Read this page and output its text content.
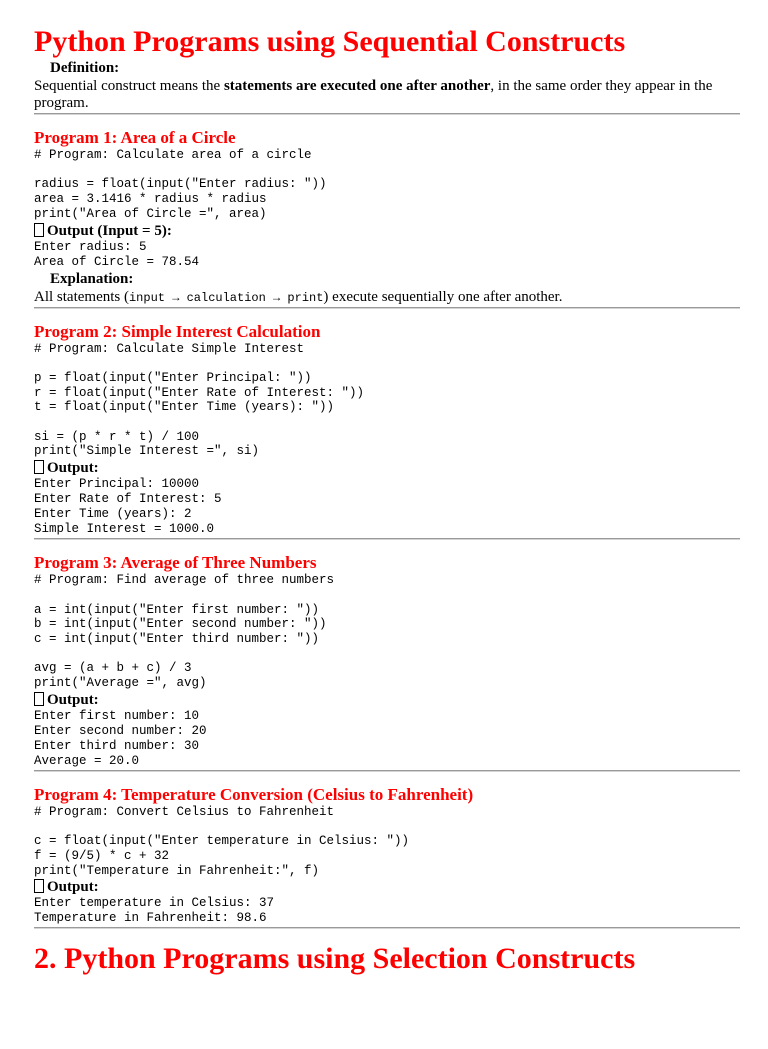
Python Programs using Sequential Constructs
Definition:

Sequential construct means the statements are executed one after another, in the same order they appear in the program.

Program 1: Area of a Circle
# Program: Calculate area of a circle

radius = float(input("Enter radius: "))
area = 3.1416 * radius * radius
print("Area of Circle =", area)
Output (Input = 5):
Enter radius: 5
Area of Circle = 78.54
Explanation:

All statements (input → calculation → print) execute sequentially one after another.

Program 2: Simple Interest Calculation
# Program: Calculate Simple Interest

p = float(input("Enter Principal: "))
r = float(input("Enter Rate of Interest: "))
t = float(input("Enter Time (years): "))

si = (p * r * t) / 100
print("Simple Interest =", si)
Output:
Enter Principal: 10000
Enter Rate of Interest: 5
Enter Time (years): 2
Simple Interest = 1000.0
Program 3: Average of Three Numbers
# Program: Find average of three numbers

a = int(input("Enter first number: "))
b = int(input("Enter second number: "))
c = int(input("Enter third number: "))

avg = (a + b + c) / 3
print("Average =", avg)
Output:
Enter first number: 10
Enter second number: 20
Enter third number: 30
Average = 20.0
Program 4: Temperature Conversion (Celsius to Fahrenheit)
# Program: Convert Celsius to Fahrenheit

c = float(input("Enter temperature in Celsius: "))
f = (9/5) * c + 32
print("Temperature in Fahrenheit:", f)
Output:
Enter temperature in Celsius: 37
Temperature in Fahrenheit: 98.6
2. Python Programs using Selection Constructs
